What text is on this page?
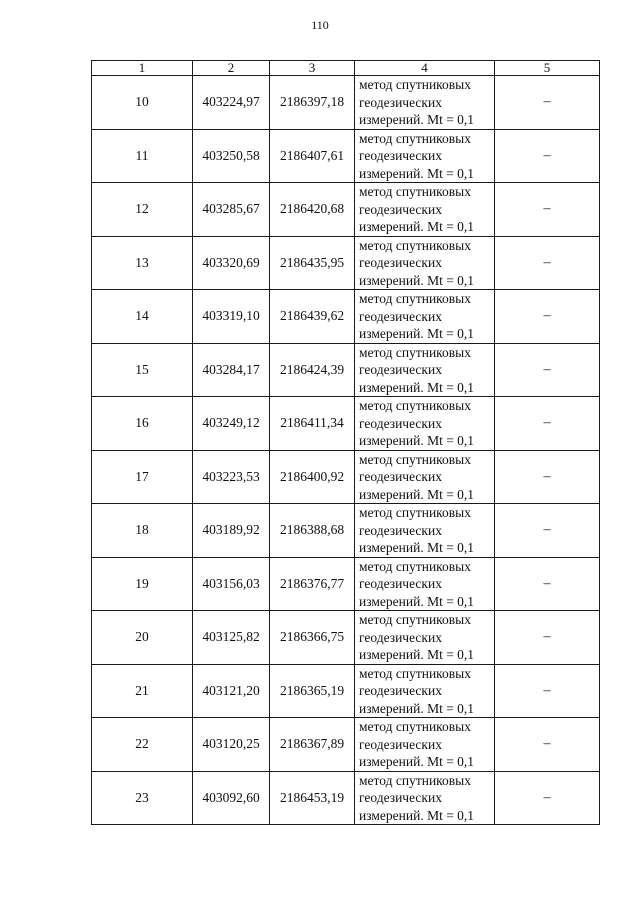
110
1	2	3	4	5
10	403224,97	2186397,18	метод спутниковых
геодезических
измерений. Mt = 0,1	–
11	403250,58	2186407,61	метод спутниковых
геодезических
измерений. Mt = 0,1	–
12	403285,67	2186420,68	метод спутниковых
геодезических
измерений. Mt = 0,1	–
13	403320,69	2186435,95	метод спутниковых
геодезических
измерений. Mt = 0,1	–
14	403319,10	2186439,62	метод спутниковых
геодезических
измерений. Mt = 0,1	–
15	403284,17	2186424,39	метод спутниковых
геодезических
измерений. Mt = 0,1	–
16	403249,12	2186411,34	метод спутниковых
геодезических
измерений. Mt = 0,1	–
17	403223,53	2186400,92	метод спутниковых
геодезических
измерений. Mt = 0,1	–
18	403189,92	2186388,68	метод спутниковых
геодезических
измерений. Mt = 0,1	–
19	403156,03	2186376,77	метод спутниковых
геодезических
измерений. Mt = 0,1	–
20	403125,82	2186366,75	метод спутниковых
геодезических
измерений. Mt = 0,1	–
21	403121,20	2186365,19	метод спутниковых
геодезических
измерений. Mt = 0,1	–
22	403120,25	2186367,89	метод спутниковых
геодезических
измерений. Mt = 0,1	–
23	403092,60	2186453,19	метод спутниковых
геодезических
измерений. Mt = 0,1	–
